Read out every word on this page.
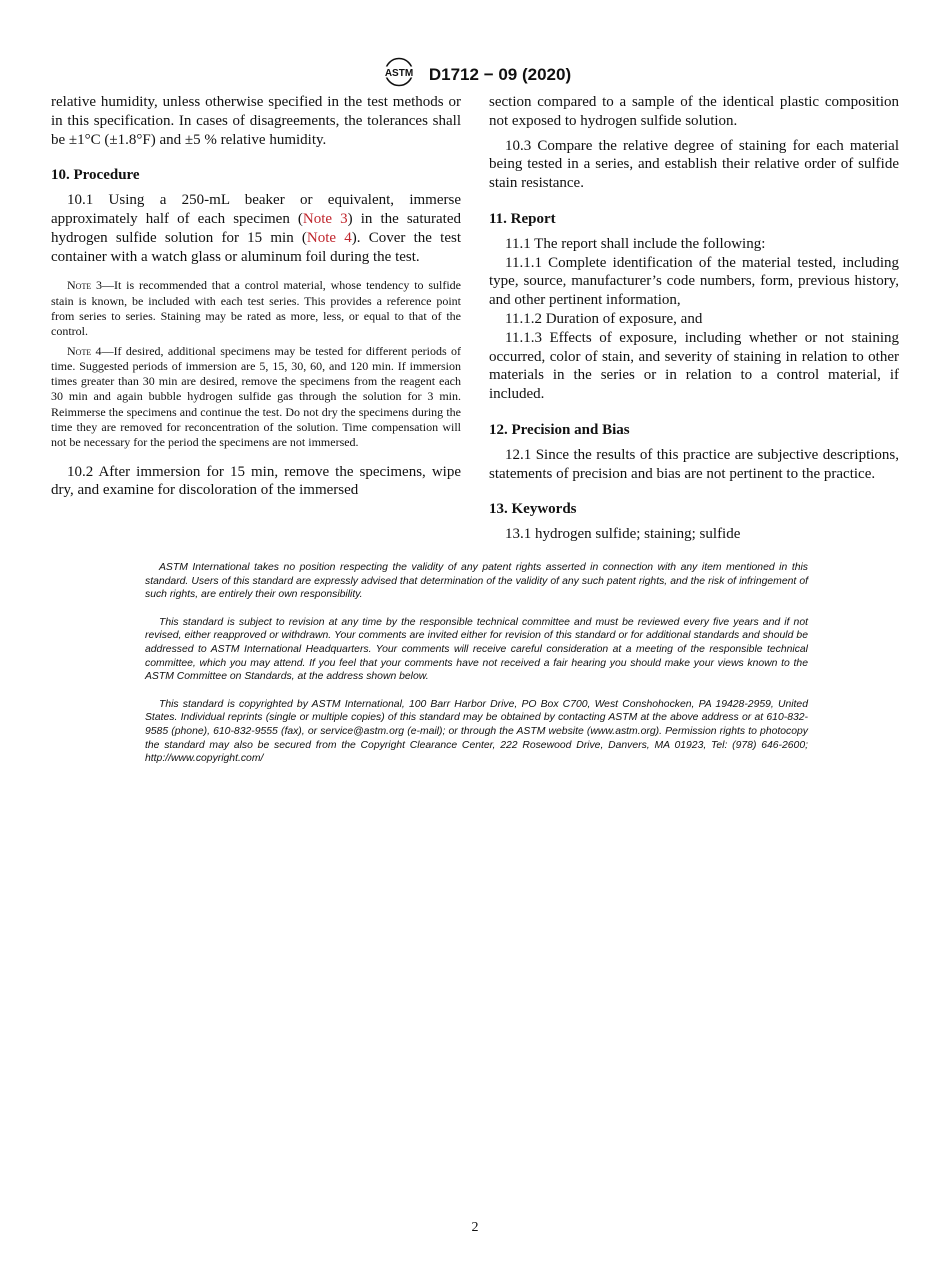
ASTM D1712 − 09 (2020)

relative humidity, unless otherwise specified in the test methods or in this specification. In cases of disagreements, the tolerances shall be ±1°C (±1.8°F) and ±5 % relative humidity.

10. Procedure

10.1 Using a 250-mL beaker or equivalent, immerse approximately half of each specimen (Note 3) in the saturated hydrogen sulfide solution for 15 min (Note 4). Cover the test container with a watch glass or aluminum foil during the test.

Note 3—It is recommended that a control material, whose tendency to sulfide stain is known, be included with each test series. This provides a reference point from series to series. Staining may be rated as more, less, or equal to that of the control.

Note 4—If desired, additional specimens may be tested for different periods of time. Suggested periods of immersion are 5, 15, 30, 60, and 120 min. If immersion times greater than 30 min are desired, remove the specimens from the reagent each 30 min and again bubble hydrogen sulfide gas through the solution for 3 min. Reimmerse the specimens and continue the test. Do not dry the specimens during the time they are removed for reconcentration of the solution. Time compensation will not be necessary for the period the specimens are not immersed.

10.2 After immersion for 15 min, remove the specimens, wipe dry, and examine for discoloration of the immersed

section compared to a sample of the identical plastic composition not exposed to hydrogen sulfide solution.

10.3 Compare the relative degree of staining for each material being tested in a series, and establish their relative order of sulfide stain resistance.

11. Report

11.1 The report shall include the following:

11.1.1 Complete identification of the material tested, including type, source, manufacturer’s code numbers, form, previous history, and other pertinent information,

11.1.2 Duration of exposure, and

11.1.3 Effects of exposure, including whether or not staining occurred, color of stain, and severity of staining in relation to other materials in the series or in relation to a control material, if included.

12. Precision and Bias

12.1 Since the results of this practice are subjective descriptions, statements of precision and bias are not pertinent to the practice.

13. Keywords

13.1 hydrogen sulfide; staining; sulfide

ASTM International takes no position respecting the validity of any patent rights asserted in connection with any item mentioned in this standard. Users of this standard are expressly advised that determination of the validity of any such patent rights, and the risk of infringement of such rights, are entirely their own responsibility.

This standard is subject to revision at any time by the responsible technical committee and must be reviewed every five years and if not revised, either reapproved or withdrawn. Your comments are invited either for revision of this standard or for additional standards and should be addressed to ASTM International Headquarters. Your comments will receive careful consideration at a meeting of the responsible technical committee, which you may attend. If you feel that your comments have not received a fair hearing you should make your views known to the ASTM Committee on Standards, at the address shown below.

This standard is copyrighted by ASTM International, 100 Barr Harbor Drive, PO Box C700, West Conshohocken, PA 19428-2959, United States. Individual reprints (single or multiple copies) of this standard may be obtained by contacting ASTM at the above address or at 610-832-9585 (phone), 610-832-9555 (fax), or service@astm.org (e-mail); or through the ASTM website (www.astm.org). Permission rights to photocopy the standard may also be secured from the Copyright Clearance Center, 222 Rosewood Drive, Danvers, MA 01923, Tel: (978) 646-2600; http://www.copyright.com/

2
